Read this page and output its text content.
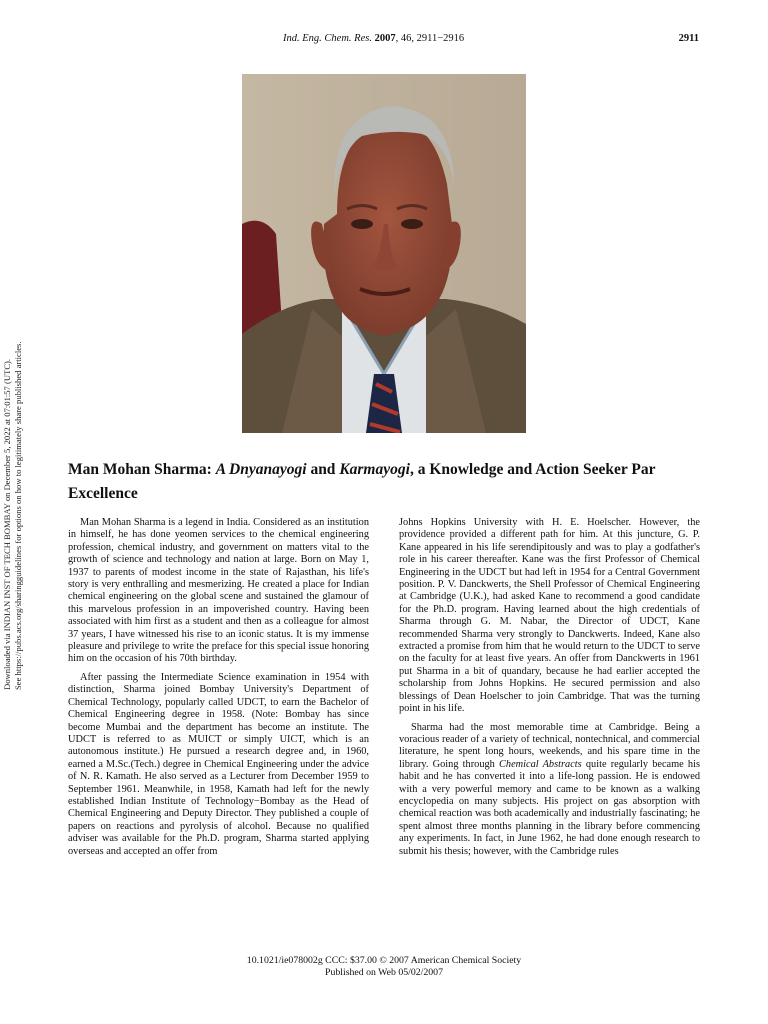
Ind. Eng. Chem. Res. 2007, 46, 2911−2916	2911
Downloaded via INDIAN INST OF TECH BOMBAY on December 5, 2022 at 07:01:57 (UTC). See https://pubs.acs.org/sharingguidelines for options on how to legitimately share published articles.	Man Mohan Sharma: A Dnyanayogi and Karmayogi, a Knowledge and Action Seeker Par Excellence

Man Mohan Sharma is a legend in India. Considered as an institution in himself, he has done yeomen services to the chemical engineering profession, chemical industry, and government on matters vital to the growth of science and technology and nation at large. Born on May 1, 1937 to parents of modest income in the state of Rajasthan, his life's story is very enthralling and mesmerizing. He created a place for Indian chemical engineering on the global scene and sustained the glamour of this marvelous profession in an impoverished country. Having been associated with him first as a student and then as a colleague for almost 37 years, I have witnessed his rise to an iconic status. It is my immense pleasure and privilege to write the preface for this special issue honoring him on the occasion of his 70th birthday.

After passing the Intermediate Science examination in 1954 with distinction, Sharma joined Bombay University's Department of Chemical Technology, popularly called UDCT, to earn the Bachelor of Chemical Engineering degree in 1958. (Note: Bombay has since become Mumbai and the department has become an institute. The UDCT is referred to as MUICT or simply UICT, which is an autonomous institute.) He pursued a research degree and, in 1960, earned a M.Sc.(Tech.) degree in Chemical Engineering under the advice of N. R. Kamath. He also served as a Lecturer from December 1959 to September 1961. Meanwhile, in 1958, Kamath had left for the newly established Indian Institute of Technology−Bombay as the Head of Chemical Engineering and Deputy Director. They published a couple of papers on reactions and pyrolysis of alcohol. Because no qualified adviser was available for the Ph.D. program, Sharma started applying overseas and accepted an offer from

Johns Hopkins University with H. E. Hoelscher. However, the providence provided a different path for him. At this juncture, G. P. Kane appeared in his life serendipitously and was to play a godfather's role in his career thereafter. Kane was the first Professor of Chemical Engineering in the UDCT but had left in 1954 for a Central Government position. P. V. Danckwerts, the Shell Professor of Chemical Engineering at Cambridge (U.K.), had asked Kane to recommend a good candidate for the Ph.D. program. Having learned about the high credentials of Sharma through G. M. Nabar, the Director of UDCT, Kane recommended Sharma very strongly to Danckwerts. Indeed, Kane also extracted a promise from him that he would return to the UDCT to serve on the faculty for at least five years. An offer from Danckwerts in 1961 put Sharma in a bit of quandary, because he had earlier accepted the scholarship from Johns Hopkins. He secured permission and also blessings of Dean Hoelscher to join Cambridge. That was the turning point in his life.

Sharma had the most memorable time at Cambridge. Being a voracious reader of a variety of technical, nontechnical, and commercial literature, he spent long hours, weekends, and his spare time in the library. Going through Chemical Abstracts quite regularly became his habit and he has converted it into a life-long passion. He is endowed with a very powerful memory and came to be known as a walking encyclopedia on many subjects. His project on gas absorption with chemical reaction was both academically and industrially fascinating; he spent almost three months planning in the library before commencing any experiments. In fact, in June 1962, he had done enough research to submit his thesis; however, with the Cambridge rules

10.1021/ie078002g CCC: $37.00 © 2007 American Chemical Society
Published on Web 05/02/2007
